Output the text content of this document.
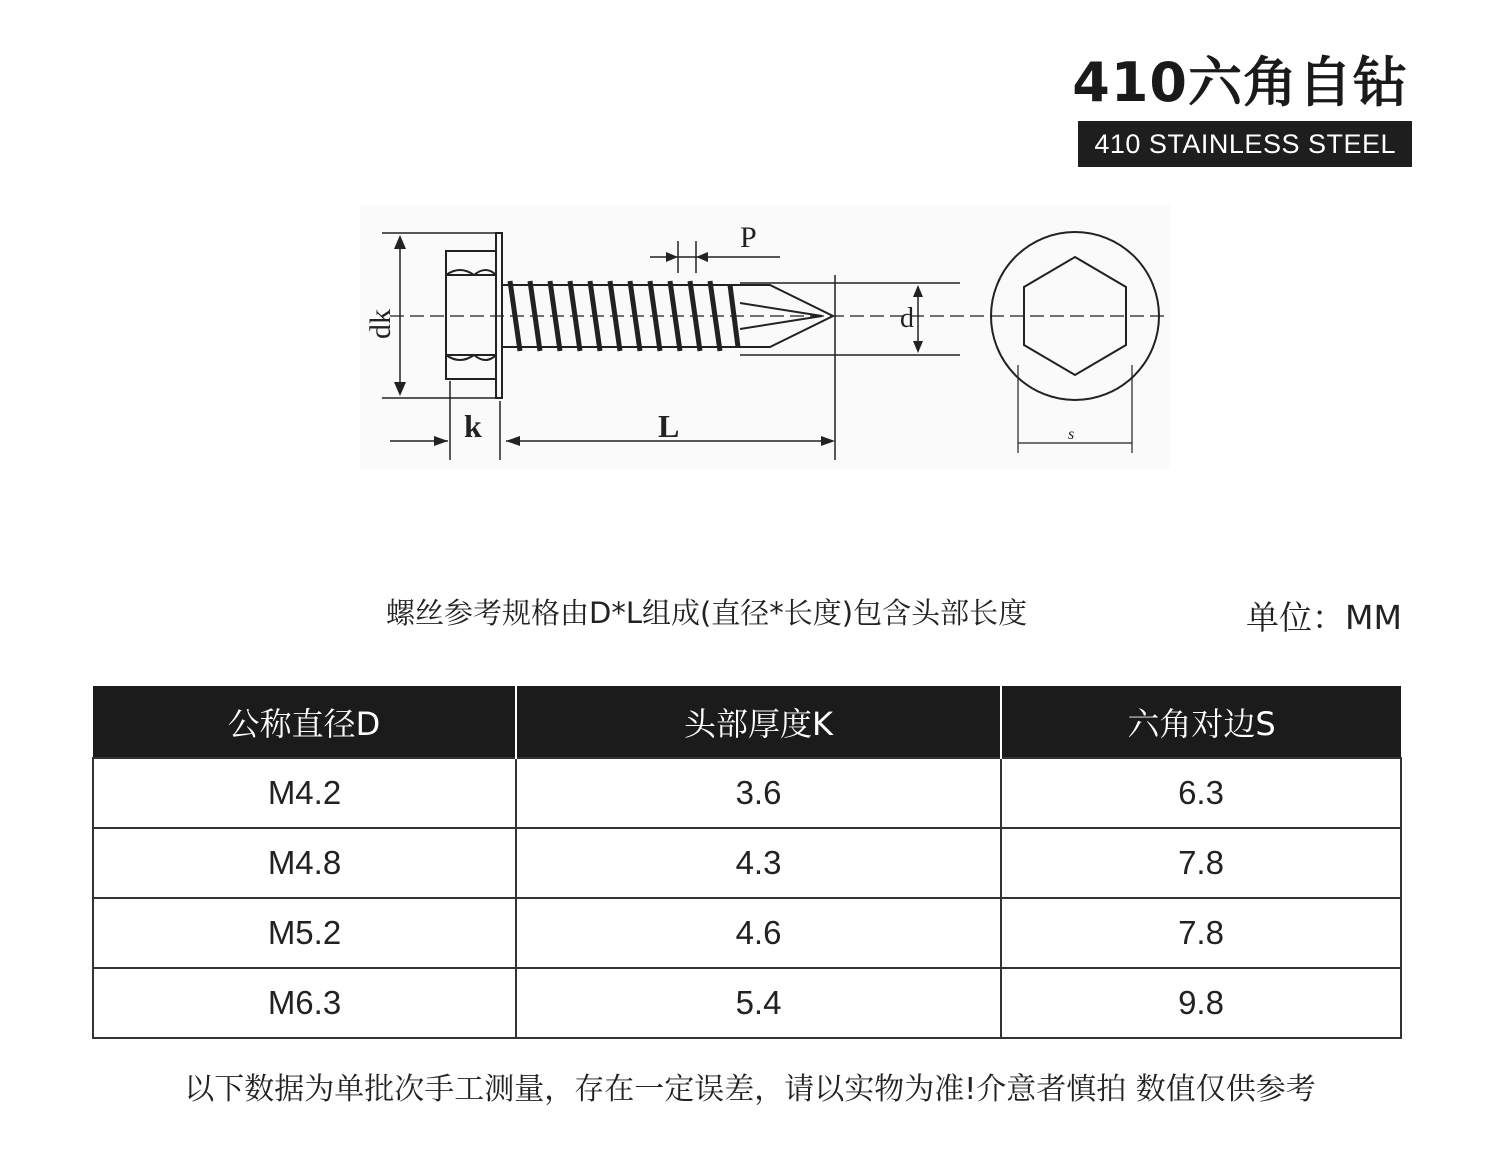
410六角自钻
410 STAINLESS STEEL
P
dk	d
k	L	s
螺丝参考规格由D*L组成(直径*长度)包含头部长度	单位：MM
公称直径D	头部厚度K	六角对边S
M4.2	3.6	6.3
M4.8	4.3	7.8
M5.2	4.6	7.8
M6.3	5.4	9.8
以下数据为单批次手工测量，存在一定误差，请以实物为准!介意者慎拍 数值仅供参考
